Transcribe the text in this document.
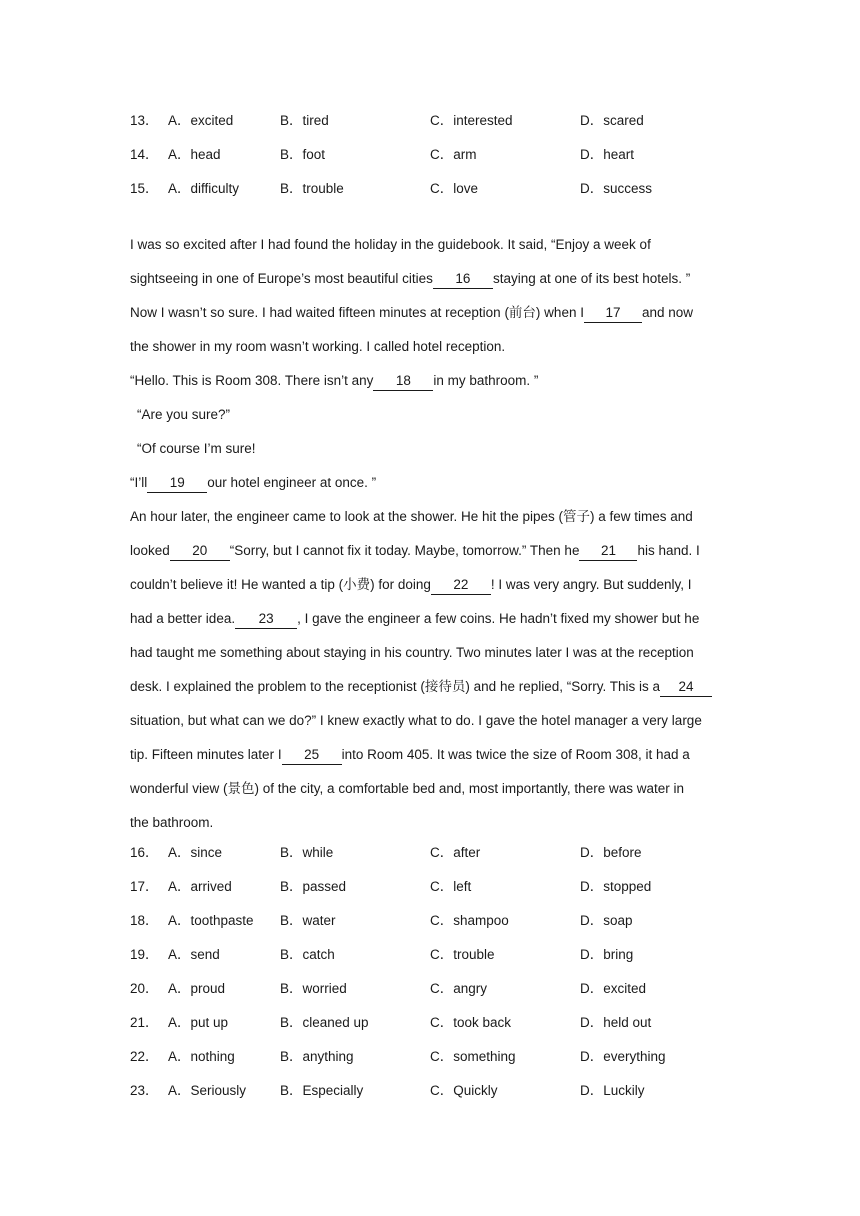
13． A．excited	B．tired	C．interested	D．scared
14． A．head	B．foot	C．arm	D．heart
15． A．difficulty	B．trouble	C．love	D．success
I was so excited after I had found the holiday in the guidebook. It said, “Enjoy a week of
sightseeing in one of Europe’s most beautiful cities 16 staying at one of its best hotels. ”
Now I wasn’t so sure. I had waited fifteen minutes at reception (前台) when I 17 and now
the shower in my room wasn’t working. I called hotel reception.
“Hello. This is Room 308. There isn’t any 18 in my bathroom. ”
“Are you sure?”
“Of course I’m sure!
“I’ll 19 our hotel engineer at once. ”
An hour later, the engineer came to look at the shower. He hit the pipes (管子) a few times and
looked 20 “Sorry, but I cannot fix it today. Maybe, tomorrow.” Then he 21 his hand. I
couldn’t believe it! He wanted a tip (小费) for doing 22 ! I was very angry. But suddenly, I
had a better idea. 23 , I gave the engineer a few coins. He hadn’t fixed my shower but he
had taught me something about staying in his country. Two minutes later I was at the reception
desk. I explained the problem to the receptionist (接待员) and he replied, “Sorry. This is a 24
situation, but what can we do?” I knew exactly what to do. I gave the hotel manager a very large
tip. Fifteen minutes later I 25 into Room 405. It was twice the size of Room 308, it had a
wonderful view (景色) of the city, a comfortable bed and, most importantly, there was water in
the bathroom.
16． A．since	B．while	C．after	D．before
17． A．arrived	B．passed	C．left	D．stopped
18． A．toothpaste B．water	C．shampoo	D．soap
19． A．send	B．catch	C．trouble	D．bring
20． A．proud	B．worried	C．angry	D．excited
21． A．put up	B．cleaned up	C．took back	D．held out
22． A．nothing	B．anything	C．something	D．everything
23． A．Seriously	B．Especially	C．Quickly	D．Luckily
